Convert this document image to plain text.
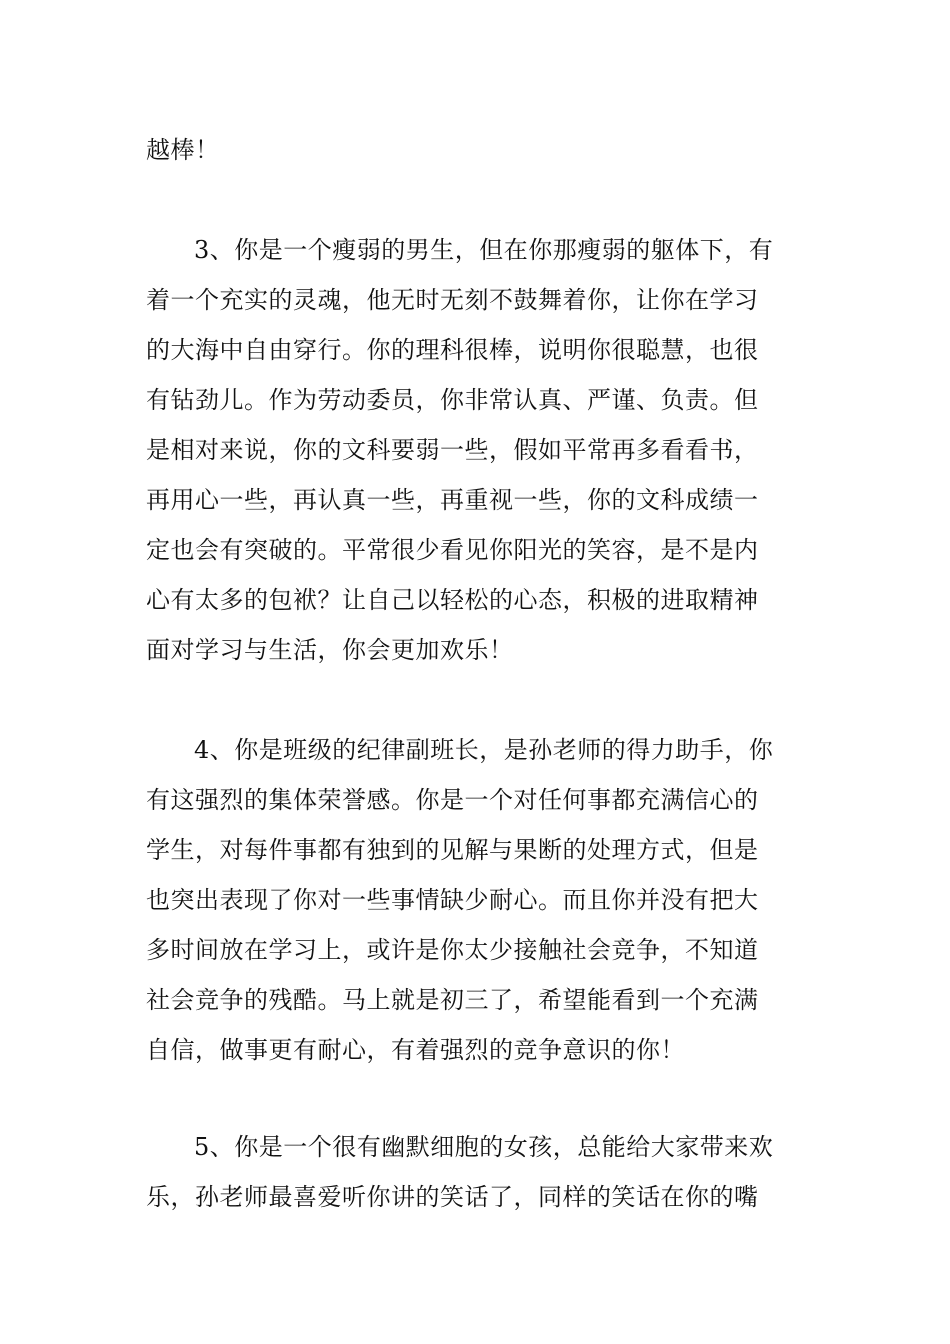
越棒！
3、你是一个瘦弱的男生，但在你那瘦弱的躯体下，有
着一个充实的灵魂，他无时无刻不鼓舞着你，让你在学习
的大海中自由穿行。你的理科很棒，说明你很聪慧，也很
有钻劲儿。作为劳动委员，你非常认真、严谨、负责。但
是相对来说，你的文科要弱一些，假如平常再多看看书，
再用心一些，再认真一些，再重视一些，你的文科成绩一
定也会有突破的。平常很少看见你阳光的笑容，是不是内
心有太多的包袱？让自己以轻松的心态，积极的进取精神
面对学习与生活，你会更加欢乐！
4、你是班级的纪律副班长，是孙老师的得力助手，你
有这强烈的集体荣誉感。你是一个对任何事都充满信心的
学生，对每件事都有独到的见解与果断的处理方式，但是
也突出表现了你对一些事情缺少耐心。而且你并没有把大
多时间放在学习上，或许是你太少接触社会竞争，不知道
社会竞争的残酷。马上就是初三了，希望能看到一个充满
自信，做事更有耐心，有着强烈的竞争意识的你！
5、你是一个很有幽默细胞的女孩，总能给大家带来欢
乐，孙老师最喜爱听你讲的笑话了，同样的笑话在你的嘴
